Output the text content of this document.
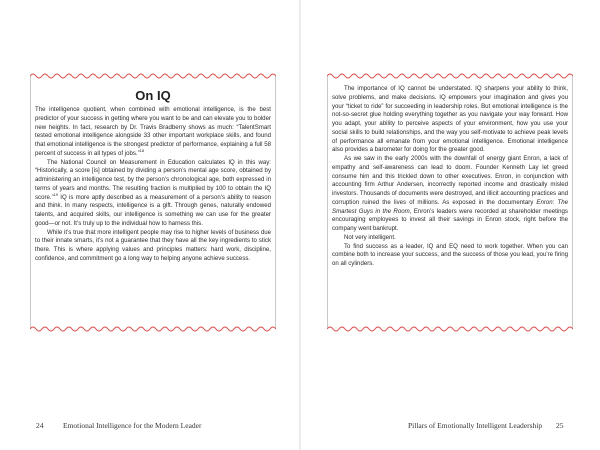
On IQ

The intelligence quotient, when combined with emotional intelligence, is the best predictor of your success in getting where you want to be and can elevate you to bolder new heights. In fact, research by Dr. Travis Bradberry shows as much: “TalentSmart tested emotional intelligence alongside 33 other important workplace skills, and found that emotional intelligence is the strongest predictor of performance, explaining a full 58 percent of success in all types of jobs.”$^{18}$

The National Council on Measurement in Education calculates IQ in this way: “Historically, a score [is] obtained by dividing a person’s mental age score, obtained by administering an intelligence test, by the person’s chronological age, both expressed in terms of years and months. The resulting fraction is multiplied by 100 to obtain the IQ score.”$^{19}$ IQ is more aptly described as a measurement of a person’s ability to reason and think. In many respects, intelligence is a gift. Through genes, naturally endowed talents, and acquired skills, our intelligence is something we can use for the greater good—or not. It’s truly up to the individual how to harness this.

While it’s true that more intelligent people may rise to higher levels of business due to their innate smarts, it’s not a guarantee that they have all the key ingredients to stick there. This is where applying values and principles matters: hard work, discipline, confidence, and commitment go a long way to helping anyone achieve success.

24	Emotional Intelligence for the Modern Leader

The importance of IQ cannot be understated. IQ sharpens your ability to think, solve problems, and make decisions. IQ empowers your imagination and gives you your “ticket to ride” for succeeding in leadership roles. But emotional intelligence is the not-so-secret glue holding everything together as you navigate your way forward. How you adapt, your ability to perceive aspects of your environment, how you use your social skills to build relationships, and the way you self-motivate to achieve peak levels of performance all emanate from your emotional intelligence. Emotional intelligence also provides a barometer for doing for the greater good.

As we saw in the early 2000s with the downfall of energy giant Enron, a lack of empathy and self-awareness can lead to doom. Founder Kenneth Lay let greed consume him and this trickled down to other executives. Enron, in conjunction with accounting firm Arthur Andersen, incorrectly reported income and drastically misled investors. Thousands of documents were destroyed, and illicit accounting practices and corruption ruined the lives of millions. As exposed in the documentary Enron: The Smartest Guys in the Room, Enron’s leaders were recorded at shareholder meetings encouraging employees to invest all their savings in Enron stock, right before the company went bankrupt.

Not very intelligent.

To find success as a leader, IQ and EQ need to work together. When you can combine both to increase your success, and the success of those you lead, you’re firing on all cylinders.

Pillars of Emotionally Intelligent Leadership 25
